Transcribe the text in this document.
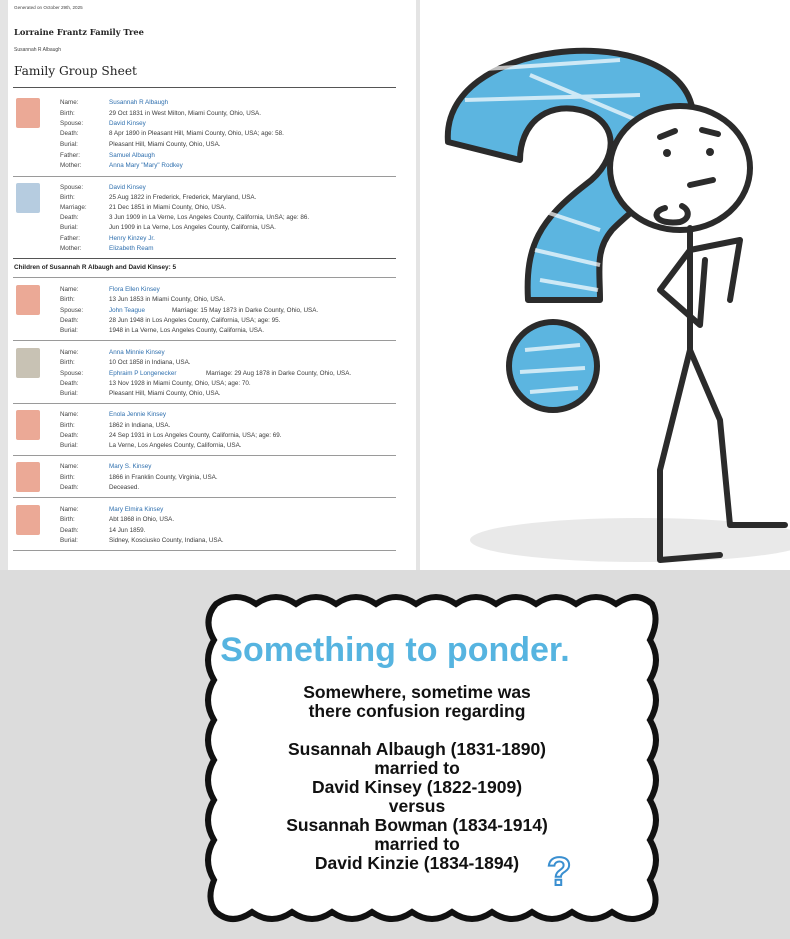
Generated on October 29th, 2025
Lorraine Frantz Family Tree
Susannah R Albaugh
Family Group Sheet
Name:	Susannah R Albaugh
Birth:	29 Oct 1831 in West Milton, Miami County, Ohio, USA.
Spouse:	David Kinsey
Death:	8 Apr 1890 in Pleasant Hill, Miami County, Ohio, USA; age: 58.
Burial:	Pleasant Hill, Miami County, Ohio, USA.
Father:	Samuel Albaugh
Mother:	Anna Mary "Mary" Rodkey
Spouse:	David Kinsey
Birth:	25 Aug 1822 in Frederick, Frederick, Maryland, USA.
Marriage:	21 Dec 1851 in Miami County, Ohio, USA.
Death:	3 Jun 1909 in La Verne, Los Angeles County, California, UnSA; age: 86.
Burial:	Jun 1909 in La Verne, Los Angeles County, California, USA.
Father:	Henry Kinzey Jr.
Mother:	Elizabeth Ream
Children of Susannah R Albaugh and David Kinsey: 5
Name:	Flora Ellen Kinsey
Birth:	13 Jun 1853 in Miami County, Ohio, USA.
Spouse:	John Teague	Marriage: 15 May 1873 in Darke County, Ohio, USA.
Death:	28 Jun 1948 in Los Angeles County, California, USA; age: 95.
Burial:	1948 in La Verne, Los Angeles County, California, USA.
Name:	Anna Minnie Kinsey
Birth:	10 Oct 1858 in Indiana, USA.
Spouse:	Ephraim P Longenecker	Marriage: 29 Aug 1878 in Darke County, Ohio, USA.
Death:	13 Nov 1928 in Miami County, Ohio, USA; age: 70.
Burial:	Pleasant Hill, Miami County, Ohio, USA.
Name:	Enola Jennie Kinsey
Birth:	1862 in Indiana, USA.
Death:	24 Sep 1931 in Los Angeles County, California, USA; age: 69.
Burial:	La Verne, Los Angeles County, California, USA.
Name:	Mary S. Kinsey
Birth:	1866 in Franklin County, Virginia, USA.
Death:	Deceased.
Name:	Mary Elmira Kinsey
Birth:	Abt 1868 in Ohio, USA.
Death:	14 Jun 1859.
Burial:	Sidney, Kosciusko County, Indiana, USA.
Something to ponder.
Somewhere, sometime was
there confusion regarding
Susannah Albaugh (1831-1890)
married to
David Kinsey (1822-1909)
versus
Susannah Bowman (1834-1914)
married to
David Kinzie (1834-1894) ?
